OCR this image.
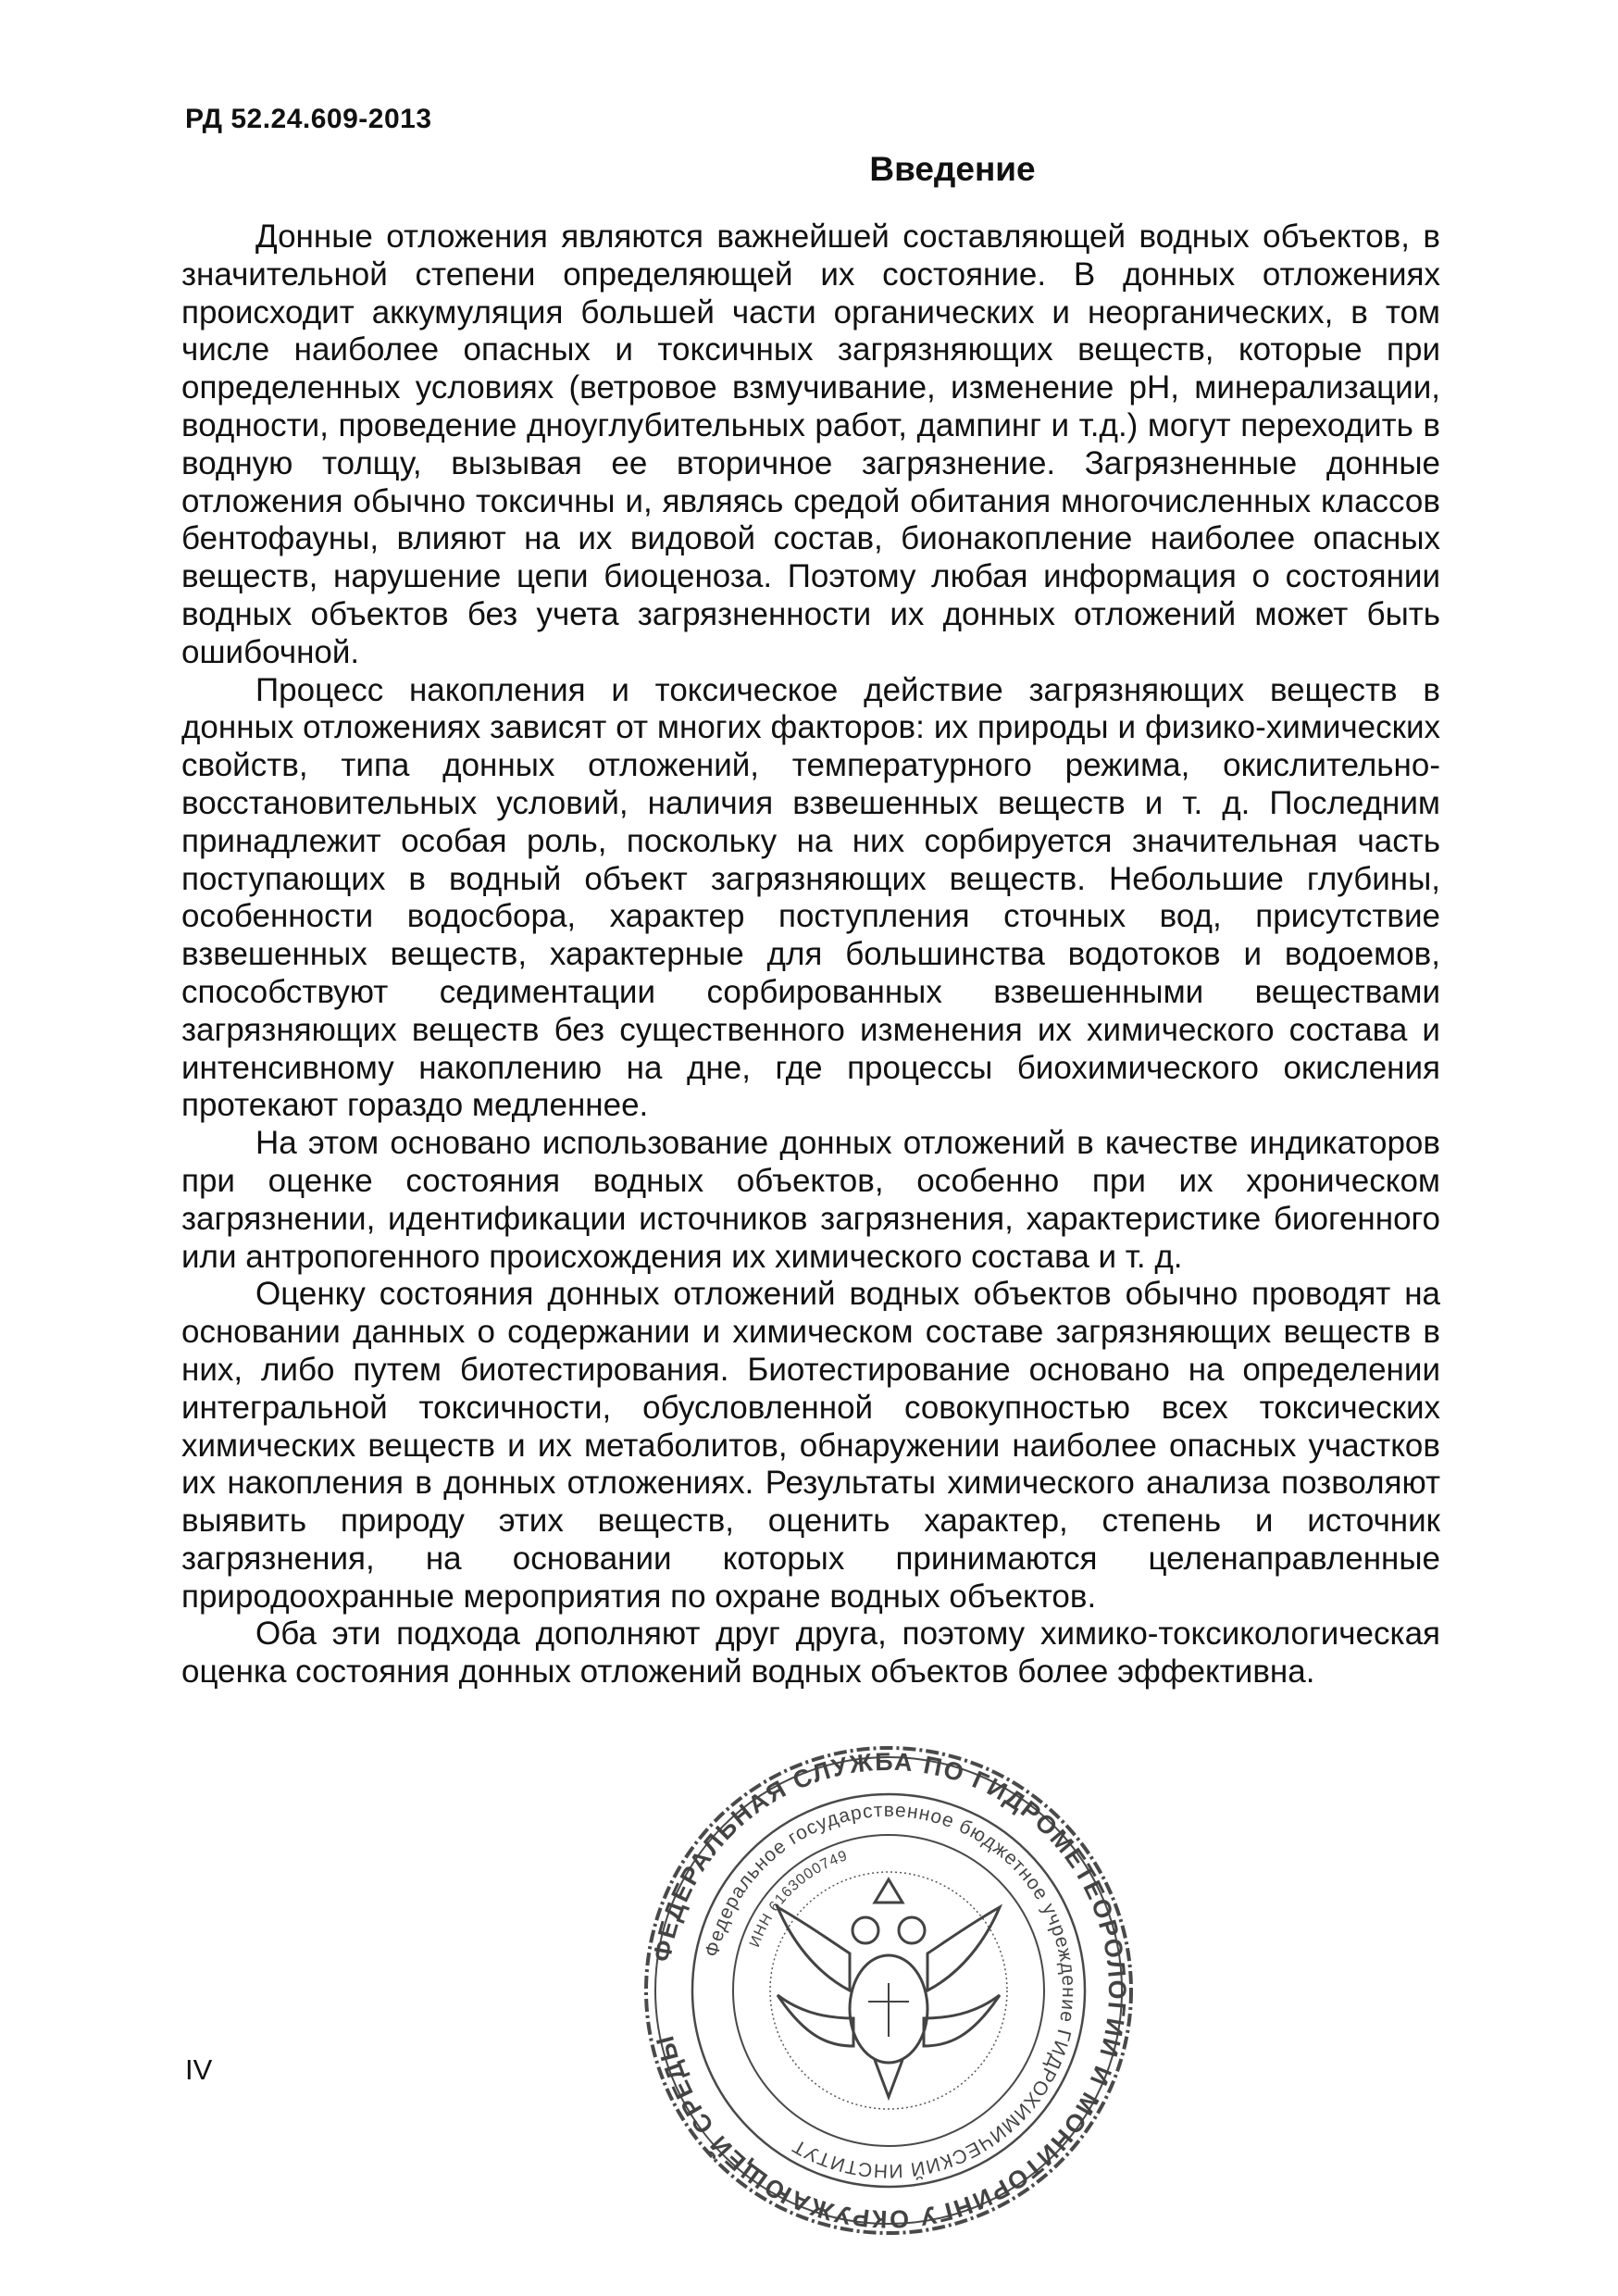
РД 52.24.609-2013
Введение

Донные отложения являются важнейшей составляющей водных объектов, в значительной степени определяющей их состояние. В донных отложениях происходит аккумуляция большей части органических и неорганических, в том числе наиболее опасных и токсичных загрязняющих веществ, которые при определенных условиях (ветровое взмучивание, изменение pH, минерализации, водности, проведение дноуглубительных работ, дампинг и т.д.) могут переходить в водную толщу, вызывая ее вторичное загрязнение. Загрязненные донные отложения обычно токсичны и, являясь средой обитания многочисленных классов бентофауны, влияют на их видовой состав, бионакопление наиболее опасных веществ, нарушение цепи биоценоза. Поэтому любая информация о состоянии водных объектов без учета загрязненности их донных отложений может быть ошибочной.

Процесс накопления и токсическое действие загрязняющих веществ в донных отложениях зависят от многих факторов: их природы и физико-химических свойств, типа донных отложений, температурного режима, окислительно-восстановительных условий, наличия взвешенных веществ и т. д. Последним принадлежит особая роль, поскольку на них сорбируется значительная часть поступающих в водный объект загрязняющих веществ. Небольшие глубины, особенности водосбора, характер поступления сточных вод, присутствие взвешенных веществ, характерные для большинства водотоков и водоемов, способствуют седиментации сорбированных взвешенными веществами загрязняющих веществ без существенного изменения их химического состава и интенсивному накоплению на дне, где процессы биохимического окисления протекают гораздо медленнее.

На этом основано использование донных отложений в качестве индикаторов при оценке состояния водных объектов, особенно при их хроническом загрязнении, идентификации источников загрязнения, характеристике биогенного или антропогенного происхождения их химического состава и т. д.

Оценку состояния донных отложений водных объектов обычно проводят на основании данных о содержании и химическом составе загрязняющих веществ в них, либо путем биотестирования. Биотестирование основано на определении интегральной токсичности, обусловленной совокупностью всех токсических химических веществ и их метаболитов, обнаружении наиболее опасных участков их накопления в донных отложениях. Результаты химического анализа позволяют выявить природу этих веществ, оценить характер, степень и источник загрязнения, на основании которых принимаются целенаправленные природоохранные мероприятия по охране водных объектов.

Оба эти подхода дополняют друг друга, поэтому химико-токсикологическая оценка состояния донных отложений водных объектов более эффективна.

IV
ФЕДЕРАЛЬНАЯ СЛУЖБА ПО ГИДРОМЕТЕОРОЛОГИИ И МОНИТОРИНГУ ОКРУЖАЮЩЕЙ СРЕДЫ
Федеральное государственное бюджетное учреждение ГИДРОХИМИЧЕСКИЙ ИНСТИТУТ
ИНН 6163000749
